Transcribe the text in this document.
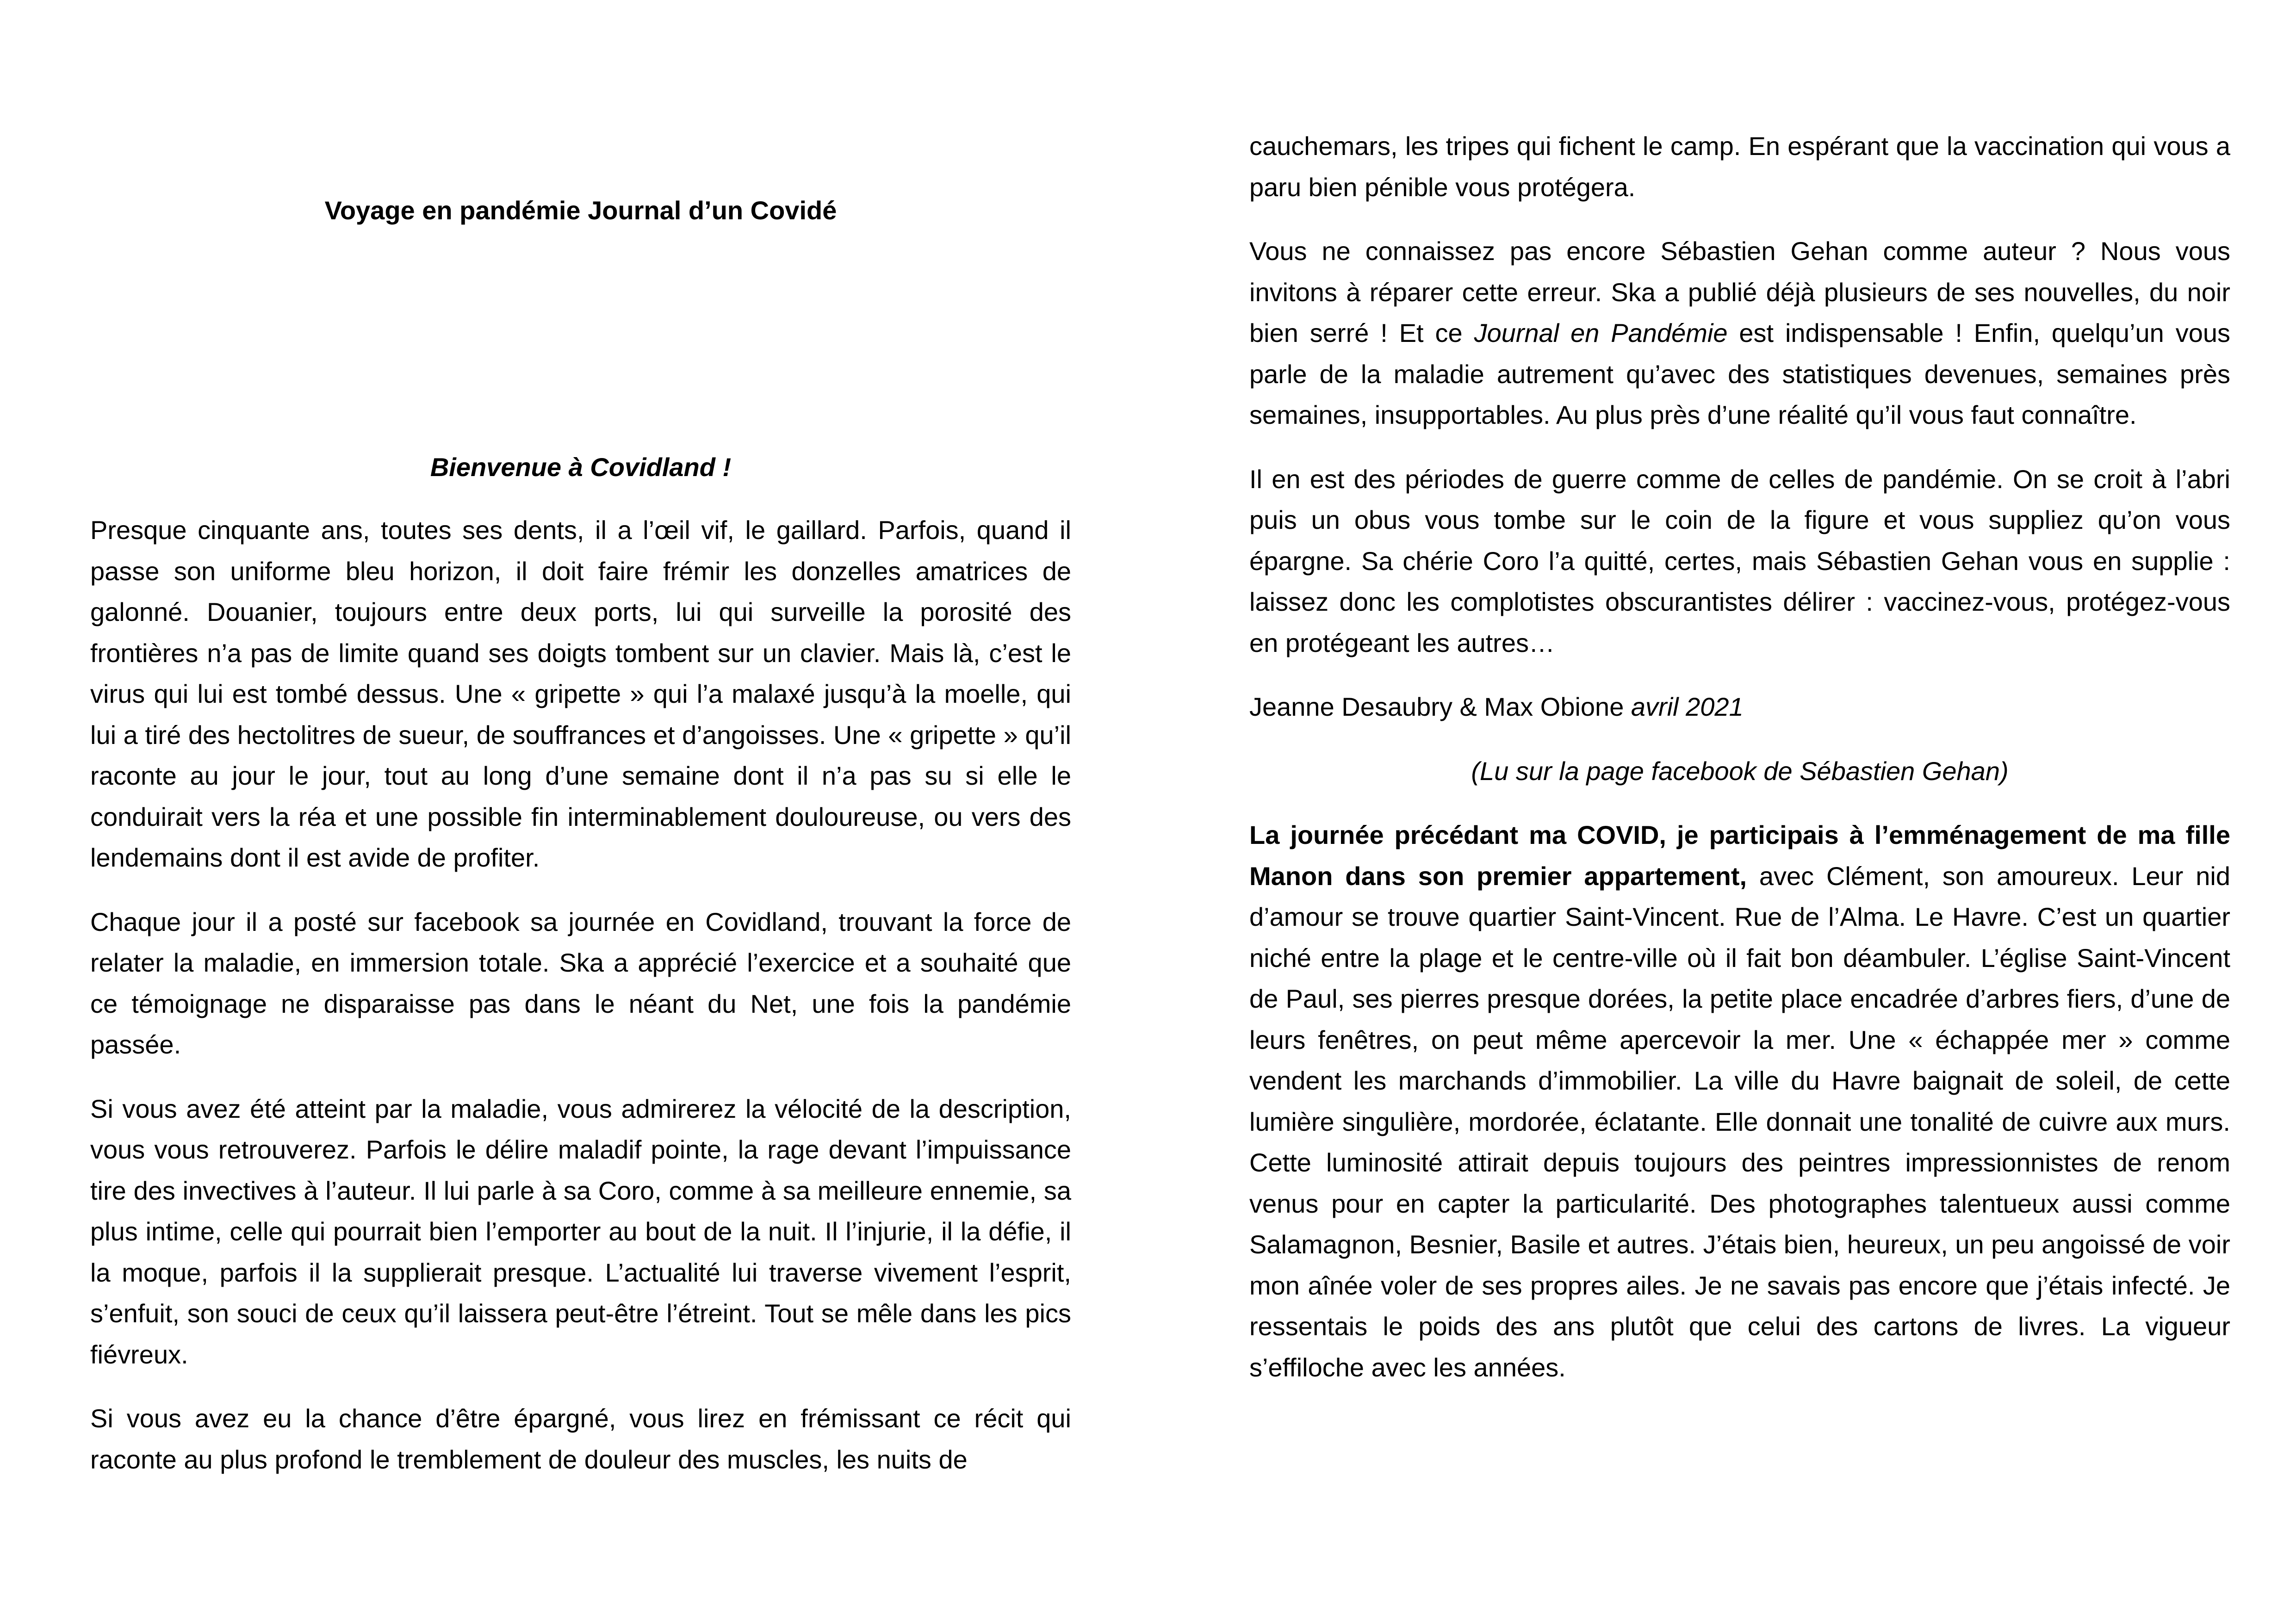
Voyage en pandémie Journal d’un Covidé
Bienvenue à Covidland !

Presque cinquante ans, toutes ses dents, il a l’œil vif, le gaillard. Parfois, quand il passe son uniforme bleu horizon, il doit faire frémir les donzelles amatrices de galonné. Douanier, toujours entre deux ports, lui qui surveille la porosité des frontières n’a pas de limite quand ses doigts tombent sur un clavier. Mais là, c’est le virus qui lui est tombé dessus. Une « gripette » qui l’a malaxé jusqu’à la moelle, qui lui a tiré des hectolitres de sueur, de souffrances et d’angoisses. Une « gripette » qu’il raconte au jour le jour, tout au long d’une semaine dont il n’a pas su si elle le conduirait vers la réa et une possible fin interminablement douloureuse, ou vers des lendemains dont il est avide de profiter.

Chaque jour il a posté sur facebook sa journée en Covidland, trouvant la force de relater la maladie, en immersion totale. Ska a apprécié l’exercice et a souhaité que ce témoignage ne disparaisse pas dans le néant du Net, une fois la pandémie passée.

Si vous avez été atteint par la maladie, vous admirerez la vélocité de la description, vous vous retrouverez. Parfois le délire maladif pointe, la rage devant l’impuissance tire des invectives à l’auteur. Il lui parle à sa Coro, comme à sa meilleure ennemie, sa plus intime, celle qui pourrait bien l’emporter au bout de la nuit. Il l’injurie, il la défie, il la moque, parfois il la supplierait presque. L’actualité lui traverse vivement l’esprit, s’enfuit, son souci de ceux qu’il laissera peut-être l’étreint. Tout se mêle dans les pics fiévreux.

Si vous avez eu la chance d’être épargné, vous lirez en frémissant ce récit qui raconte au plus profond le tremblement de douleur des muscles, les nuits de

cauchemars, les tripes qui fichent le camp. En espérant que la vaccination qui vous a paru bien pénible vous protégera.

Vous ne connaissez pas encore Sébastien Gehan comme auteur ? Nous vous invitons à réparer cette erreur. Ska a publié déjà plusieurs de ses nouvelles, du noir bien serré ! Et ce Journal en Pandémie est indispensable ! Enfin, quelqu’un vous parle de la maladie autrement qu’avec des statistiques devenues, semaines près semaines, insupportables. Au plus près d’une réalité qu’il vous faut connaître.

Il en est des périodes de guerre comme de celles de pandémie. On se croit à l’abri puis un obus vous tombe sur le coin de la figure et vous suppliez qu’on vous épargne. Sa chérie Coro l’a quitté, certes, mais Sébastien Gehan vous en supplie : laissez donc les complotistes obscurantistes délirer : vaccinez-vous, protégez-vous en protégeant les autres…

Jeanne Desaubry & Max Obione avril 2021

(Lu sur la page facebook de Sébastien Gehan)

La journée précédant ma COVID, je participais à l’emménagement de ma fille Manon dans son premier appartement, avec Clément, son amoureux. Leur nid d’amour se trouve quartier Saint-Vincent. Rue de l’Alma. Le Havre. C’est un quartier niché entre la plage et le centre-ville où il fait bon déambuler. L’église Saint-Vincent de Paul, ses pierres presque dorées, la petite place encadrée d’arbres fiers, d’une de leurs fenêtres, on peut même apercevoir la mer. Une « échappée mer » comme vendent les marchands d’immobilier. La ville du Havre baignait de soleil, de cette lumière singulière, mordorée, éclatante. Elle donnait une tonalité de cuivre aux murs. Cette luminosité attirait depuis toujours des peintres impressionnistes de renom venus pour en capter la particularité. Des photographes talentueux aussi comme Salamagnon, Besnier, Basile et autres. J’étais bien, heureux, un peu angoissé de voir mon aînée voler de ses propres ailes. Je ne savais pas encore que j’étais infecté. Je ressentais le poids des ans plutôt que celui des cartons de livres. La vigueur s’effiloche avec les années.
